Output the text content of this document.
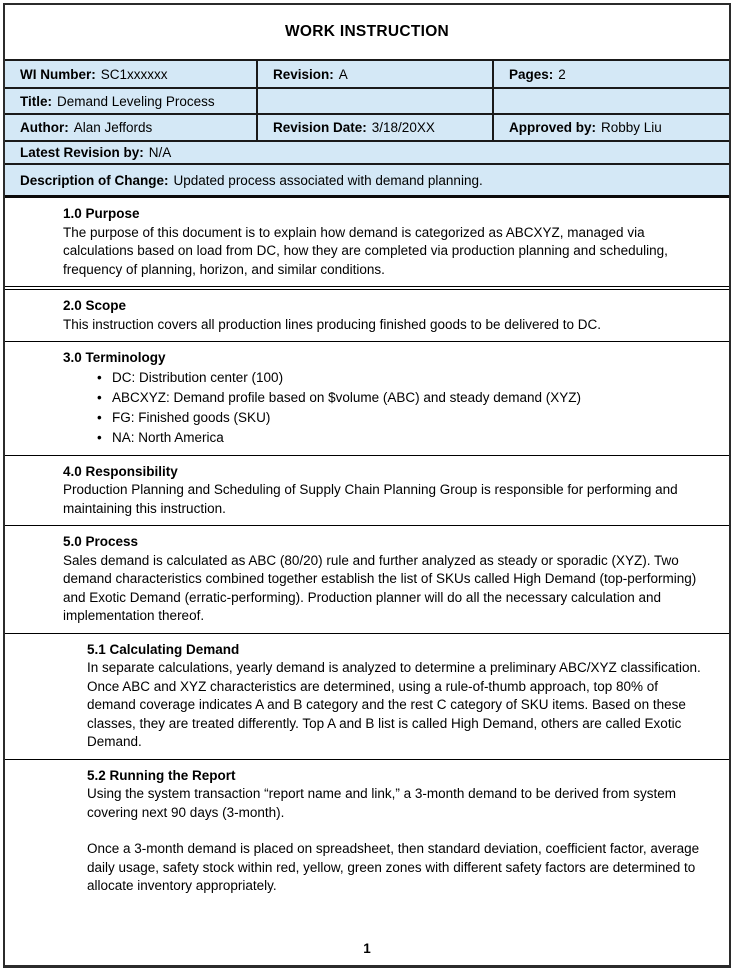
WORK INSTRUCTION
WI Number: SC1xxxxxx	Revision: A	Pages: 2
Title: Demand Leveling Process
Author: Alan Jeffords	Revision Date: 3/18/20XX	Approved by: Robby Liu
Latest Revision by: N/A
Description of Change: Updated process associated with demand planning.
1.0 Purpose

The purpose of this document is to explain how demand is categorized as ABCXYZ, managed via calculations based on load from DC, how they are completed via production planning and scheduling, frequency of planning, horizon, and similar conditions.

2.0 Scope

This instruction covers all production lines producing finished goods to be delivered to DC.

3.0 Terminology
• DC: Distribution center (100)
• ABCXYZ: Demand profile based on $volume (ABC) and steady demand (XYZ)
• FG: Finished goods (SKU)
• NA: North America
4.0 Responsibility

Production Planning and Scheduling of Supply Chain Planning Group is responsible for performing and maintaining this instruction.

5.0 Process

Sales demand is calculated as ABC (80/20) rule and further analyzed as steady or sporadic (XYZ). Two demand characteristics combined together establish the list of SKUs called High Demand (top-performing) and Exotic Demand (erratic-performing). Production planner will do all the necessary calculation and implementation thereof.

5.1 Calculating Demand

In separate calculations, yearly demand is analyzed to determine a preliminary ABC/XYZ classification. Once ABC and XYZ characteristics are determined, using a rule-of-thumb approach, top 80% of demand coverage indicates A and B category and the rest C category of SKU items. Based on these classes, they are treated differently. Top A and B list is called High Demand, others are called Exotic Demand.

5.2 Running the Report

Using the system transaction “report name and link,” a 3-month demand to be derived from system covering next 90 days (3-month).

Once a 3-month demand is placed on spreadsheet, then standard deviation, coefficient factor, average daily usage, safety stock within red, yellow, green zones with different safety factors are determined to allocate inventory appropriately.

1
